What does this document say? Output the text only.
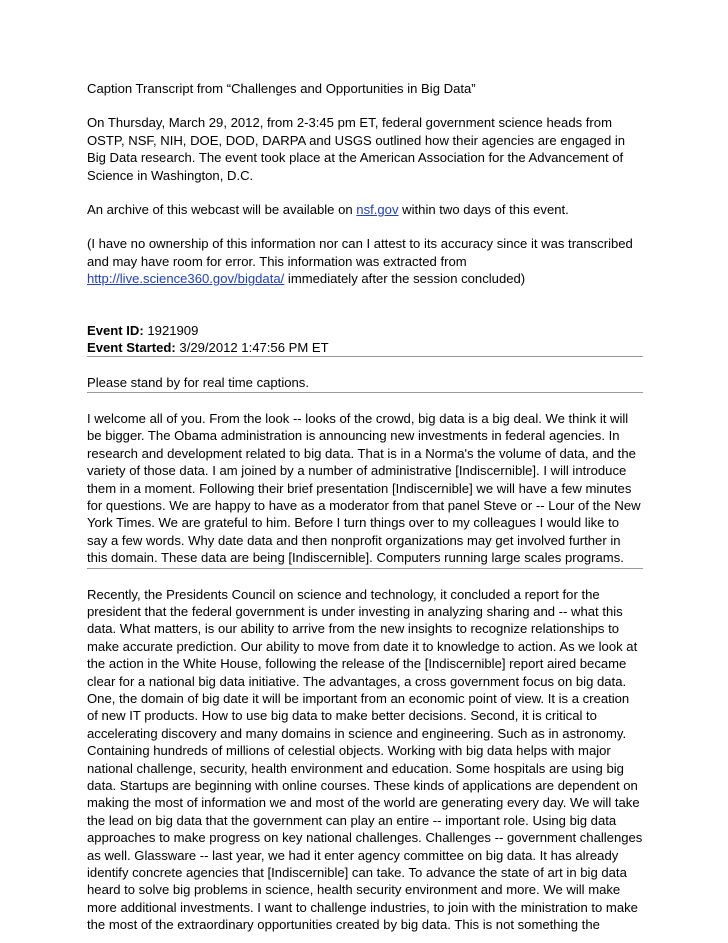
Caption Transcript from “Challenges and Opportunities in Big Data”

On Thursday, March 29, 2012, from 2-3:45 pm ET, federal government science heads from OSTP, NSF, NIH, DOE, DOD, DARPA and USGS outlined how their agencies are engaged in Big Data research. The event took place at the American Association for the Advancement of Science in Washington, D.C.

An archive of this webcast will be available on nsf.gov within two days of this event.

(I have no ownership of this information nor can I attest to its accuracy since it was transcribed and may have room for error. This information was extracted from http://live.science360.gov/bigdata/ immediately after the session concluded)

Event ID: 1921909

Event Started: 3/29/2012 1:47:56 PM ET

Please stand by for real time captions.

I welcome all of you. From the look -- looks of the crowd, big data is a big deal. We think it will be bigger. The Obama administration is announcing new investments in federal agencies. In research and development related to big data. That is in a Norma's the volume of data, and the variety of those data. I am joined by a number of administrative [Indiscernible]. I will introduce them in a moment. Following their brief presentation [Indiscernible] we will have a few minutes for questions. We are happy to have as a moderator from that panel Steve or -- Lour of the New York Times. We are grateful to him. Before I turn things over to my colleagues I would like to say a few words. Why date data and then nonprofit organizations may get involved further in this domain. These data are being [Indiscernible]. Computers running large scales programs.

Recently, the Presidents Council on science and technology, it concluded a report for the president that the federal government is under investing in analyzing sharing and -- what this data. What matters, is our ability to arrive from the new insights to recognize relationships to make accurate prediction. Our ability to move from date it to knowledge to action. As we look at the action in the White House, following the release of the [Indiscernible] report aired became clear for a national big data initiative. The advantages, a cross government focus on big data. One, the domain of big date it will be important from an economic point of view. It is a creation of new IT products. How to use big data to make better decisions. Second, it is critical to accelerating discovery and many domains in science and engineering. Such as in astronomy. Containing hundreds of millions of celestial objects. Working with big data helps with major national challenge, security, health environment and education. Some hospitals are using big data. Startups are beginning with online courses. These kinds of applications are dependent on making the most of information we and most of the world are generating every day. We will take the lead on big data that the government can play an entire -- important role. Using big data approaches to make progress on key national challenges. Challenges -- government challenges as well. Glassware -- last year, we had it enter agency committee on big data. It has already identify concrete agencies that [Indiscernible] can take. To advance the state of art in big data heard to solve big problems in science, health security environment and more. We will make more additional investments. I want to challenge industries, to join with the ministration to make the most of the extraordinary opportunities created by big data. This is not something the
